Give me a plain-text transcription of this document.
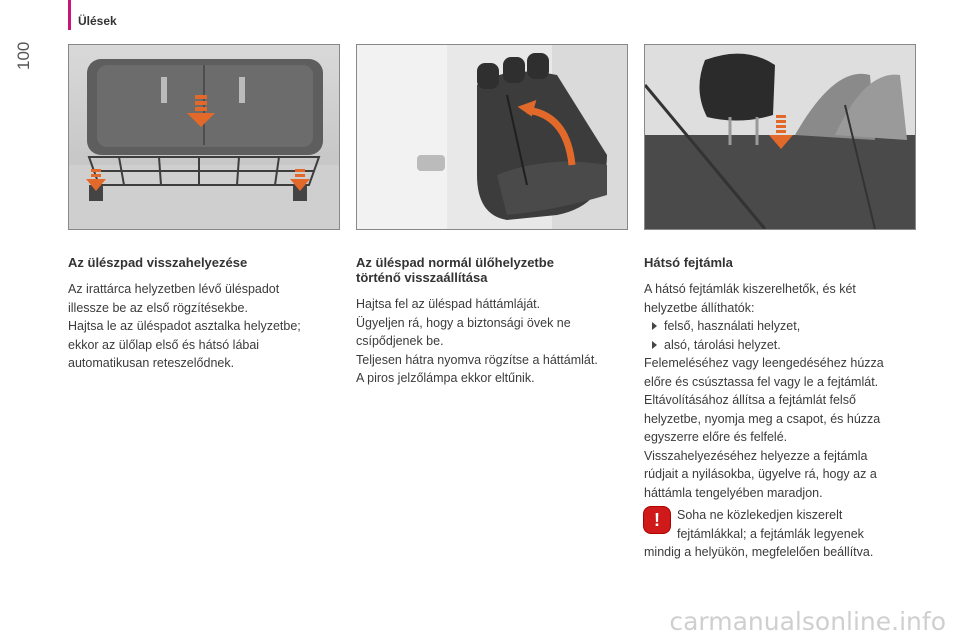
Ülések
100
Az ülészpad visszahelyezése

Az irattárca helyzetben lévő üléspadot

illessze be az első rögzítésekbe.

Hajtsa le az üléspadot asztalka helyzetbe;

ekkor az ülőlap első és hátsó lábai

automatikusan reteszelődnek.

Az üléspad normál ülőhelyzetbe
történő visszaállítása

Hajtsa fel az üléspad háttámláját.

Ügyeljen rá, hogy a biztonsági övek ne

csípődjenek be.

Teljesen hátra nyomva rögzítse a háttámlát.

A piros jelzőlámpa ekkor eltűnik.

Hátsó fejtámla

A hátsó fejtámlák kiszerelhetők, és két

helyzetbe állíthatók:

felső, használati helyzet,
alsó, tárolási helyzet.

Felemeléséhez vagy leengedéséhez húzza

előre és csúsztassa fel vagy le a fejtámlát.

Eltávolításához állítsa a fejtámlát felső

helyzetbe, nyomja meg a csapot, és húzza

egyszerre előre és felfelé.

Visszahelyezéséhez helyezze a fejtámla

rúdjait a nyilásokba, ügyelve rá, hogy az a

háttámla tengelyében maradjon.

!	Soha ne közlekedjen kiszerelt
fejtámlákkal; a fejtámlák legyenek
mindig a helyükön, megfelelően beállítva.
carmanualsonline.info
